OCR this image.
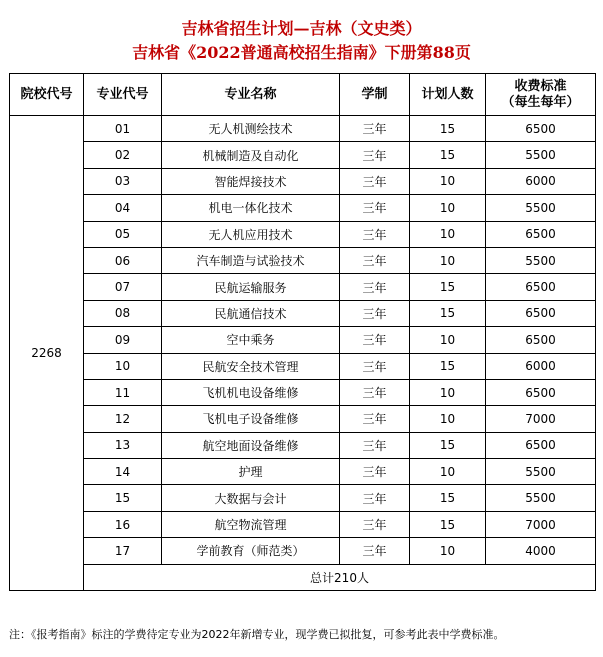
吉林省招生计划—吉林（文史类）
吉林省《2022普通高校招生指南》下册第88页
院校代号	专业代号	专业名称	学制	计划人数	收费标准
（每生每年）

2268	01	无人机测绘技术	三年	15	6500
	02	机械制造及自动化	三年	15	5500
	03	智能焊接技术	三年	10	6000
	04	机电一体化技术	三年	10	5500
	05	无人机应用技术	三年	10	6500
	06	汽车制造与试验技术	三年	10	5500
	07	民航运输服务	三年	15	6500
	08	民航通信技术	三年	15	6500
	09	空中乘务	三年	10	6500
	10	民航安全技术管理	三年	15	6000
	11	飞机机电设备维修	三年	10	6500
	12	飞机电子设备维修	三年	10	7000
	13	航空地面设备维修	三年	15	6500
	14	护理	三年	10	5500
	15	大数据与会计	三年	15	5500
	16	航空物流管理	三年	15	7000
	17	学前教育（师范类）	三年	10	4000
	总计210人				
注：《报考指南》标注的学费待定专业为2022年新增专业，现学费已拟批复，可参考此表中学费标准。
